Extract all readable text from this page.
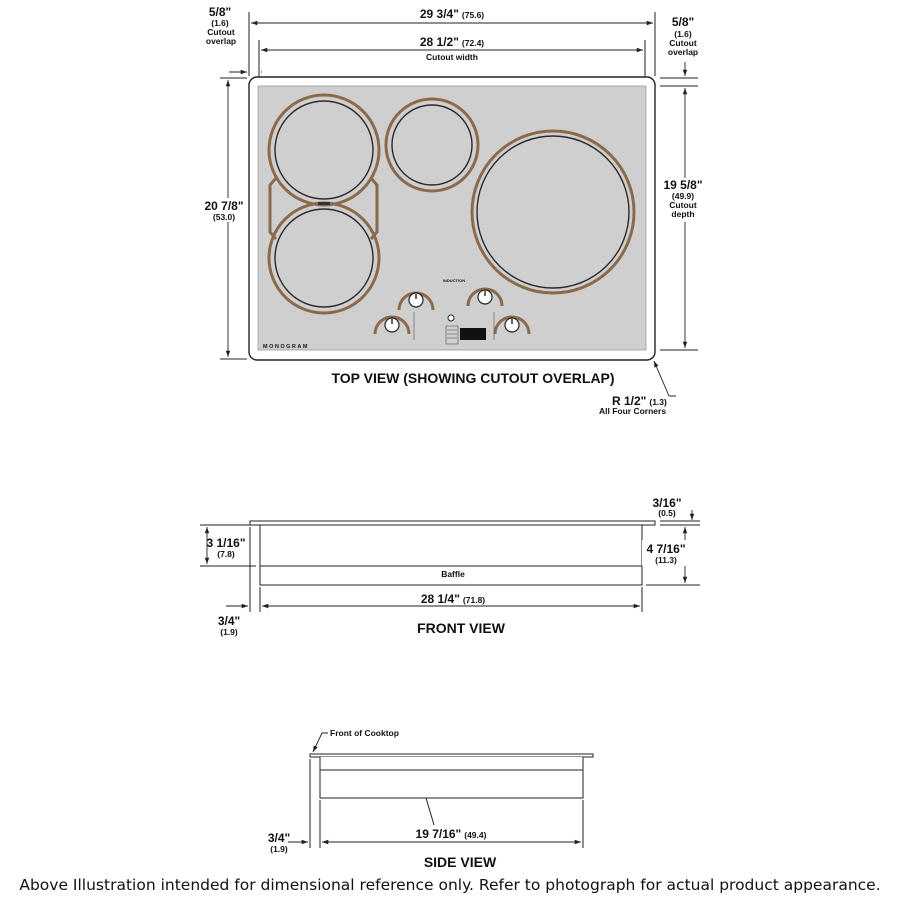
29 3/4" (75.6)
28 1/2" (72.4)
Cutout width
5/8"
(1.6)
Cutout
overlap
5/8"
(1.6)
Cutout
overlap
20 7/8"
(53.0)
19 5/8"
(49.9)
Cutout
depth
INDUCTION
MONOGRAM
TOP VIEW (SHOWING CUTOUT OVERLAP)
R 1/2" (1.3)
All Four Corners
Baffle
3/16"
(0.5)
4 7/16"
(11.3)
3 1/16"
(7.8)
28 1/4" (71.8)
3/4"
(1.9)	FRONT VIEW
Front of Cooktop
19 7/16" (49.4)
3/4"
(1.9)
SIDE VIEW
Above Illustration intended for dimensional reference only. Refer to photograph for actual product appearance.
